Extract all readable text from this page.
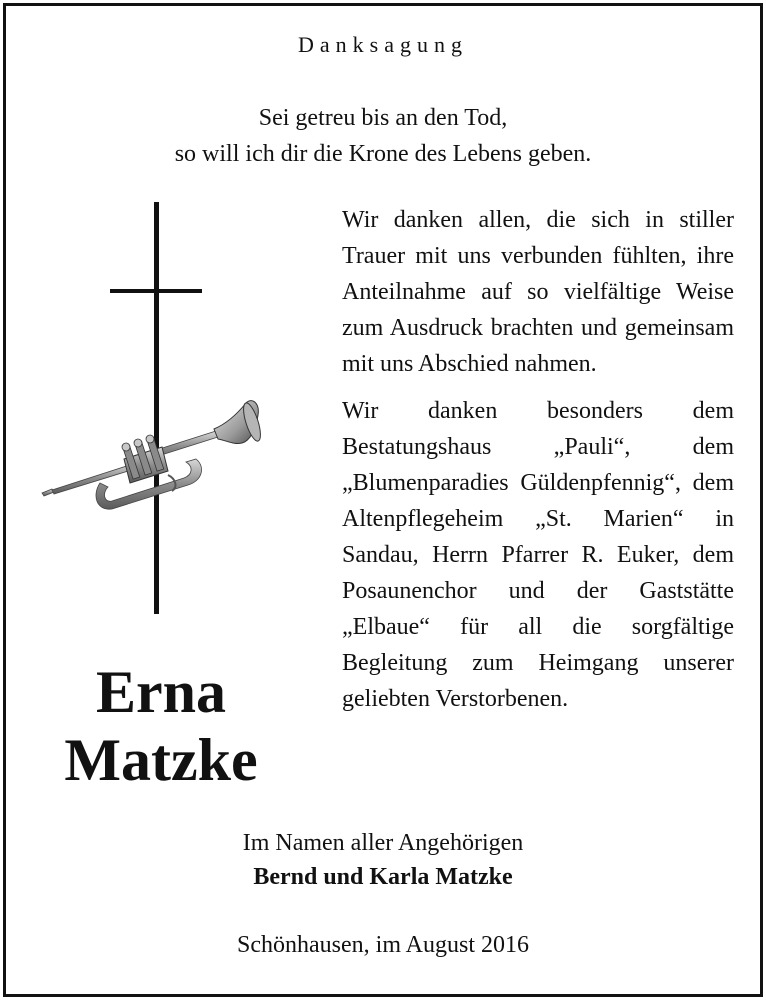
Danksagung
Sei getreu bis an den Tod,
so will ich dir die Krone des Lebens geben.

Wir danken allen, die sich in stiller Trauer mit uns verbunden fühlten, ihre Anteilnahme auf so vielfältige Weise zum Ausdruck brachten und gemeinsam mit uns Abschied nahmen.

Wir danken besonders dem Bestatungshaus „Pauli“, dem „Blumenparadies Güldenpfennig“, dem Altenpflegeheim „St. Marien“ in Sandau, Herrn Pfarrer R. Euker, dem Posaunenchor und der Gaststätte „Elbaue“ für all die sorgfältige Begleitung zum Heimgang unserer geliebten Verstorbenen.

Erna
Matzke
Im Namen aller Angehörigen
Bernd und Karla Matzke
Schönhausen, im August 2016
